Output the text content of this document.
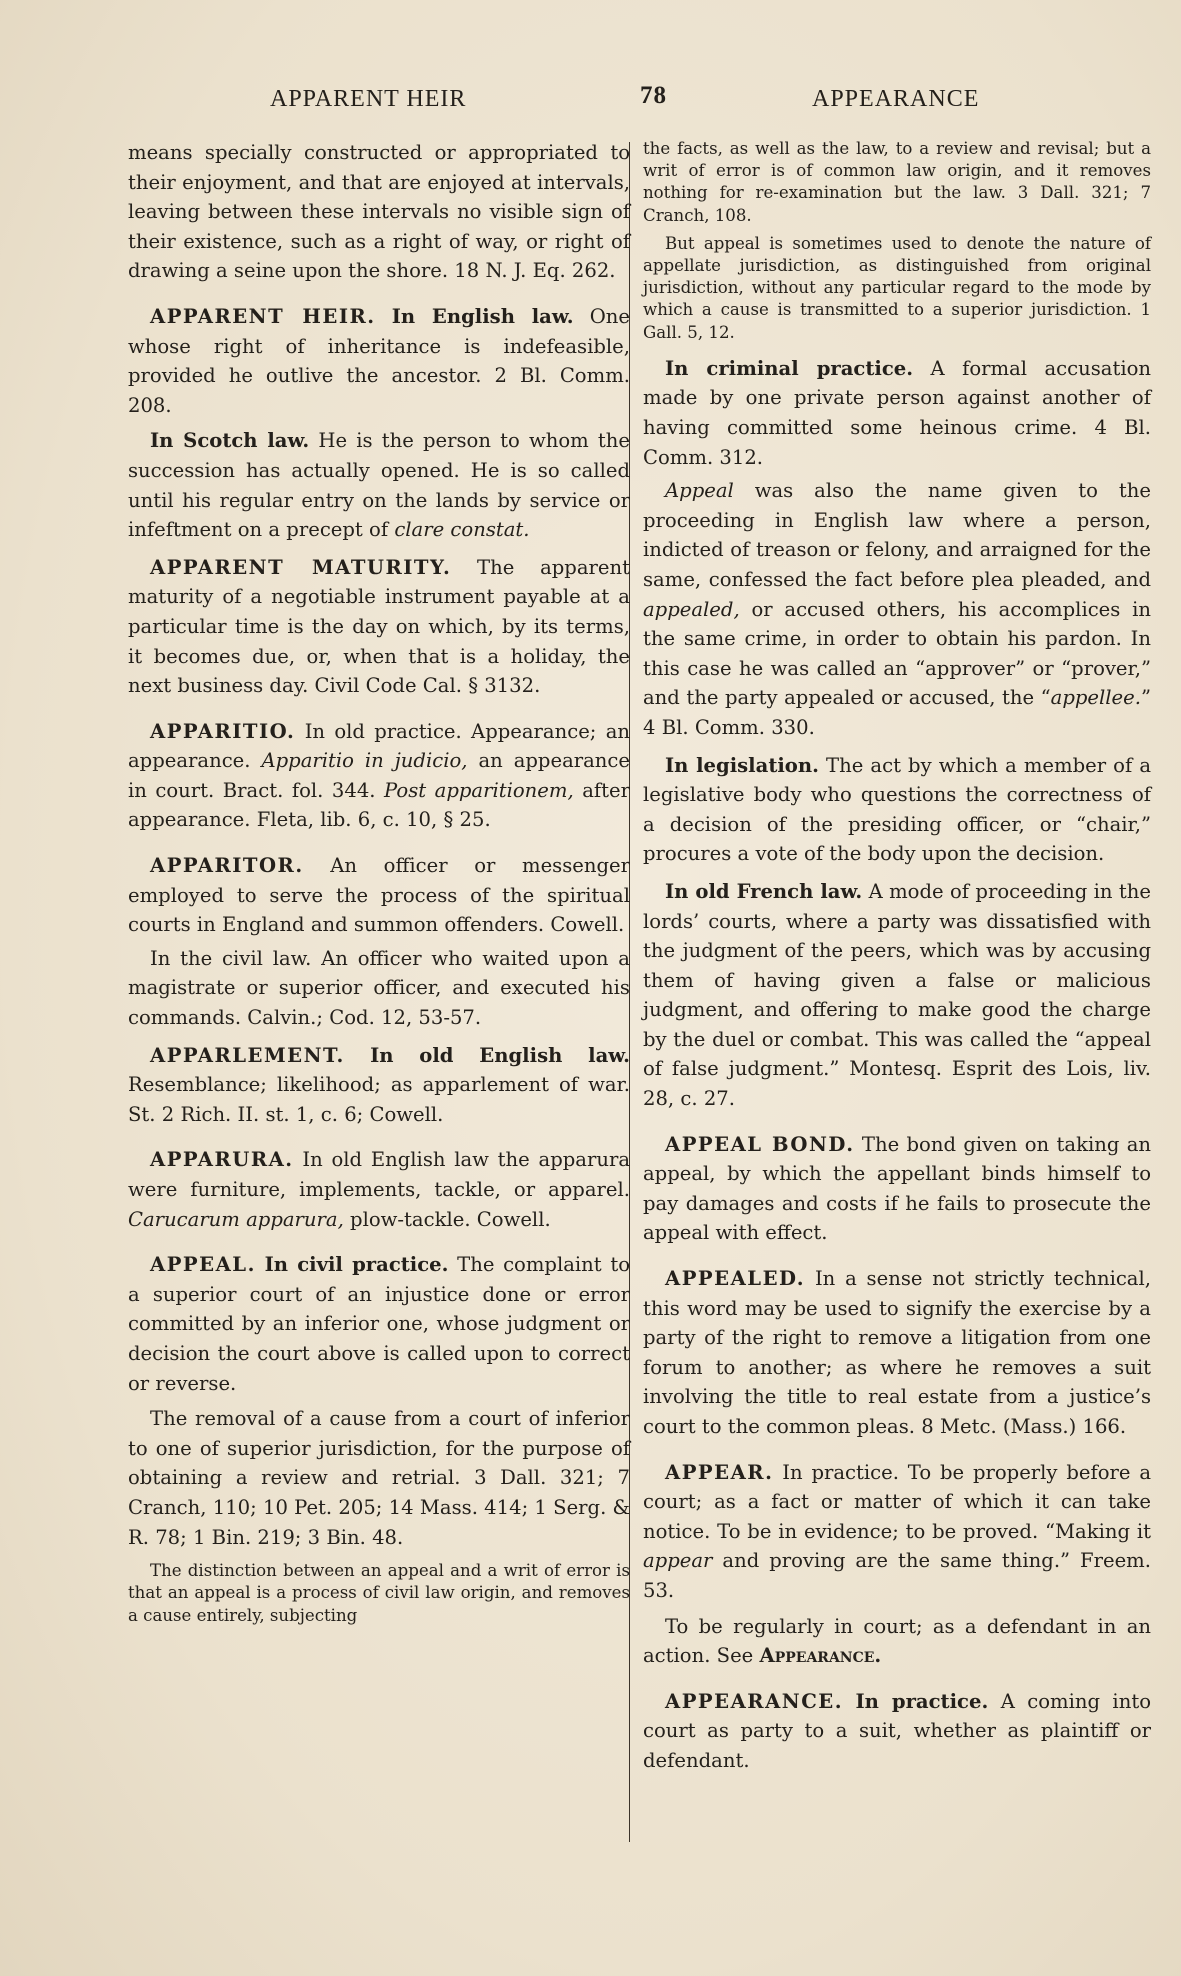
APPARENT HEIR	78	APPEARANCE

means specially constructed or appropriated to their enjoyment, and that are enjoyed at intervals, leaving between these intervals no visible sign of their existence, such as a right of way, or right of drawing a seine upon the shore. 18 N. J. Eq. 262.

APPARENT HEIR. In English law. One whose right of inheritance is indefeasible, provided he outlive the ancestor. 2 Bl. Comm. 208.

In Scotch law. He is the person to whom the succession has actually opened. He is so called until his regular entry on the lands by service or infeftment on a precept of clare constat.

APPARENT MATURITY. The apparent maturity of a negotiable instrument payable at a particular time is the day on which, by its terms, it becomes due, or, when that is a holiday, the next business day. Civil Code Cal. § 3132.

APPARITIO. In old practice. Appearance; an appearance. Apparitio in judicio, an appearance in court. Bract. fol. 344. Post apparitionem, after appearance. Fleta, lib. 6, c. 10, § 25.

APPARITOR. An officer or messenger employed to serve the process of the spiritual courts in England and summon offenders. Cowell.

In the civil law. An officer who waited upon a magistrate or superior officer, and executed his commands. Calvin.; Cod. 12, 53-57.

APPARLEMENT. In old English law. Resemblance; likelihood; as apparlement of war. St. 2 Rich. II. st. 1, c. 6; Cowell.

APPARURA. In old English law the apparura were furniture, implements, tackle, or apparel. Carucarum apparura, plow-tackle. Cowell.

APPEAL. In civil practice. The complaint to a superior court of an injustice done or error committed by an inferior one, whose judgment or decision the court above is called upon to correct or reverse.

The removal of a cause from a court of inferior to one of superior jurisdiction, for the purpose of obtaining a review and retrial. 3 Dall. 321; 7 Cranch, 110; 10 Pet. 205; 14 Mass. 414; 1 Serg. & R. 78; 1 Bin. 219; 3 Bin. 48.

The distinction between an appeal and a writ of error is that an appeal is a process of civil law origin, and removes a cause entirely, subjecting

the facts, as well as the law, to a review and revisal; but a writ of error is of common law origin, and it removes nothing for re-examination but the law. 3 Dall. 321; 7 Cranch, 108.

But appeal is sometimes used to denote the nature of appellate jurisdiction, as distinguished from original jurisdiction, without any particular regard to the mode by which a cause is transmitted to a superior jurisdiction. 1 Gall. 5, 12.

In criminal practice. A formal accusation made by one private person against another of having committed some heinous crime. 4 Bl. Comm. 312.

Appeal was also the name given to the proceeding in English law where a person, indicted of treason or felony, and arraigned for the same, confessed the fact before plea pleaded, and appealed, or accused others, his accomplices in the same crime, in order to obtain his pardon. In this case he was called an “approver” or “prover,” and the party appealed or accused, the “appellee.” 4 Bl. Comm. 330.

In legislation. The act by which a member of a legislative body who questions the correctness of a decision of the presiding officer, or “chair,” procures a vote of the body upon the decision.

In old French law. A mode of proceeding in the lords’ courts, where a party was dissatisfied with the judgment of the peers, which was by accusing them of having given a false or malicious judgment, and offering to make good the charge by the duel or combat. This was called the “appeal of false judgment.” Montesq. Esprit des Lois, liv. 28, c. 27.

APPEAL BOND. The bond given on taking an appeal, by which the appellant binds himself to pay damages and costs if he fails to prosecute the appeal with effect.

APPEALED. In a sense not strictly technical, this word may be used to signify the exercise by a party of the right to remove a litigation from one forum to another; as where he removes a suit involving the title to real estate from a justice’s court to the common pleas. 8 Metc. (Mass.) 166.

APPEAR. In practice. To be properly before a court; as a fact or matter of which it can take notice. To be in evidence; to be proved. “Making it appear and proving are the same thing.” Freem. 53.

To be regularly in court; as a defendant in an action. See Appearance.

APPEARANCE. In practice. A coming into court as party to a suit, whether as plaintiff or defendant.
